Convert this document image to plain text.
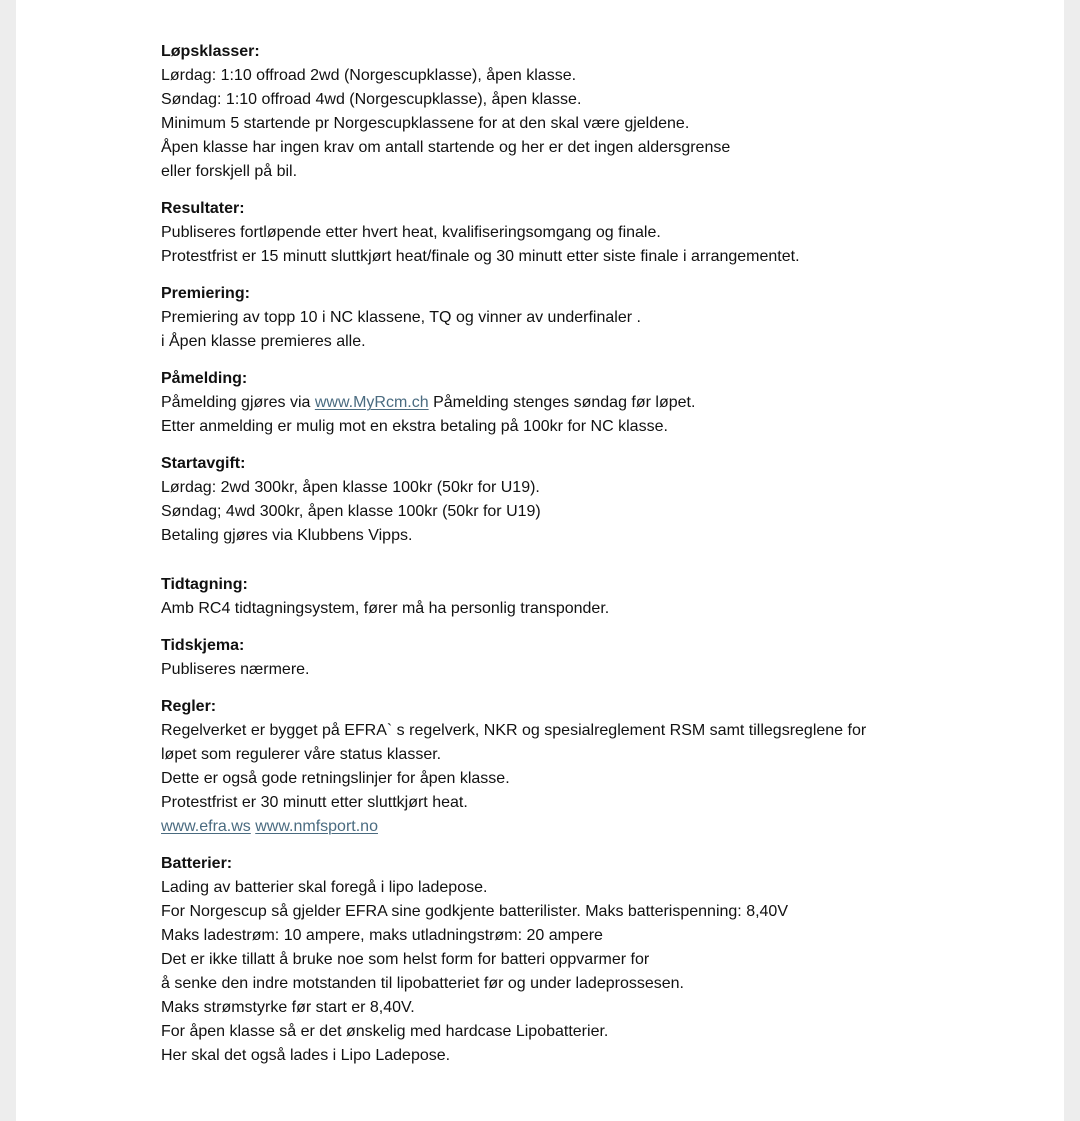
Løpsklasser:
Lørdag: 1:10 offroad 2wd (Norgescupklasse), åpen klasse.
Søndag: 1:10 offroad 4wd (Norgescupklasse), åpen klasse.
Minimum 5 startende pr Norgescupklassene for at den skal være gjeldene.
Åpen klasse har ingen krav om antall startende og her er det ingen aldersgrense
eller forskjell på bil.
Resultater:
Publiseres fortløpende etter hvert heat, kvalifiseringsomgang og finale.
Protestfrist er 15 minutt sluttkjørt heat/finale og 30 minutt etter siste finale i arrangementet.
Premiering:
Premiering av topp 10 i NC klassene, TQ og vinner av underfinaler .
i Åpen klasse premieres alle.
Påmelding:
Påmelding gjøres via www.MyRcm.ch Påmelding stenges søndag før løpet.
Etter anmelding er mulig mot en ekstra betaling på 100kr for NC klasse.
Startavgift:
Lørdag: 2wd 300kr, åpen klasse 100kr (50kr for U19).
Søndag; 4wd 300kr, åpen klasse 100kr (50kr for U19)
Betaling gjøres via Klubbens Vipps.
Tidtagning:
Amb RC4 tidtagningsystem, fører må ha personlig transponder.
Tidskjema:
Publiseres nærmere.
Regler:
Regelverket er bygget på EFRA` s regelverk, NKR og spesialreglement RSM samt tillegsreglene for
løpet som regulerer våre status klasser.
Dette er også gode retningslinjer for åpen klasse.
Protestfrist er 30 minutt etter sluttkjørt heat.
www.efra.ws www.nmfsport.no
Batterier:
Lading av batterier skal foregå i lipo ladepose.
For Norgescup så gjelder EFRA sine godkjente batterilister. Maks batterispenning: 8,40V
Maks ladestrøm: 10 ampere, maks utladningstrøm: 20 ampere
Det er ikke tillatt å bruke noe som helst form for batteri oppvarmer for
å senke den indre motstanden til lipobatteriet før og under ladeprossesen.
Maks strømstyrke før start er 8,40V.
For åpen klasse så er det ønskelig med hardcase Lipobatterier.
Her skal det også lades i Lipo Ladepose.
